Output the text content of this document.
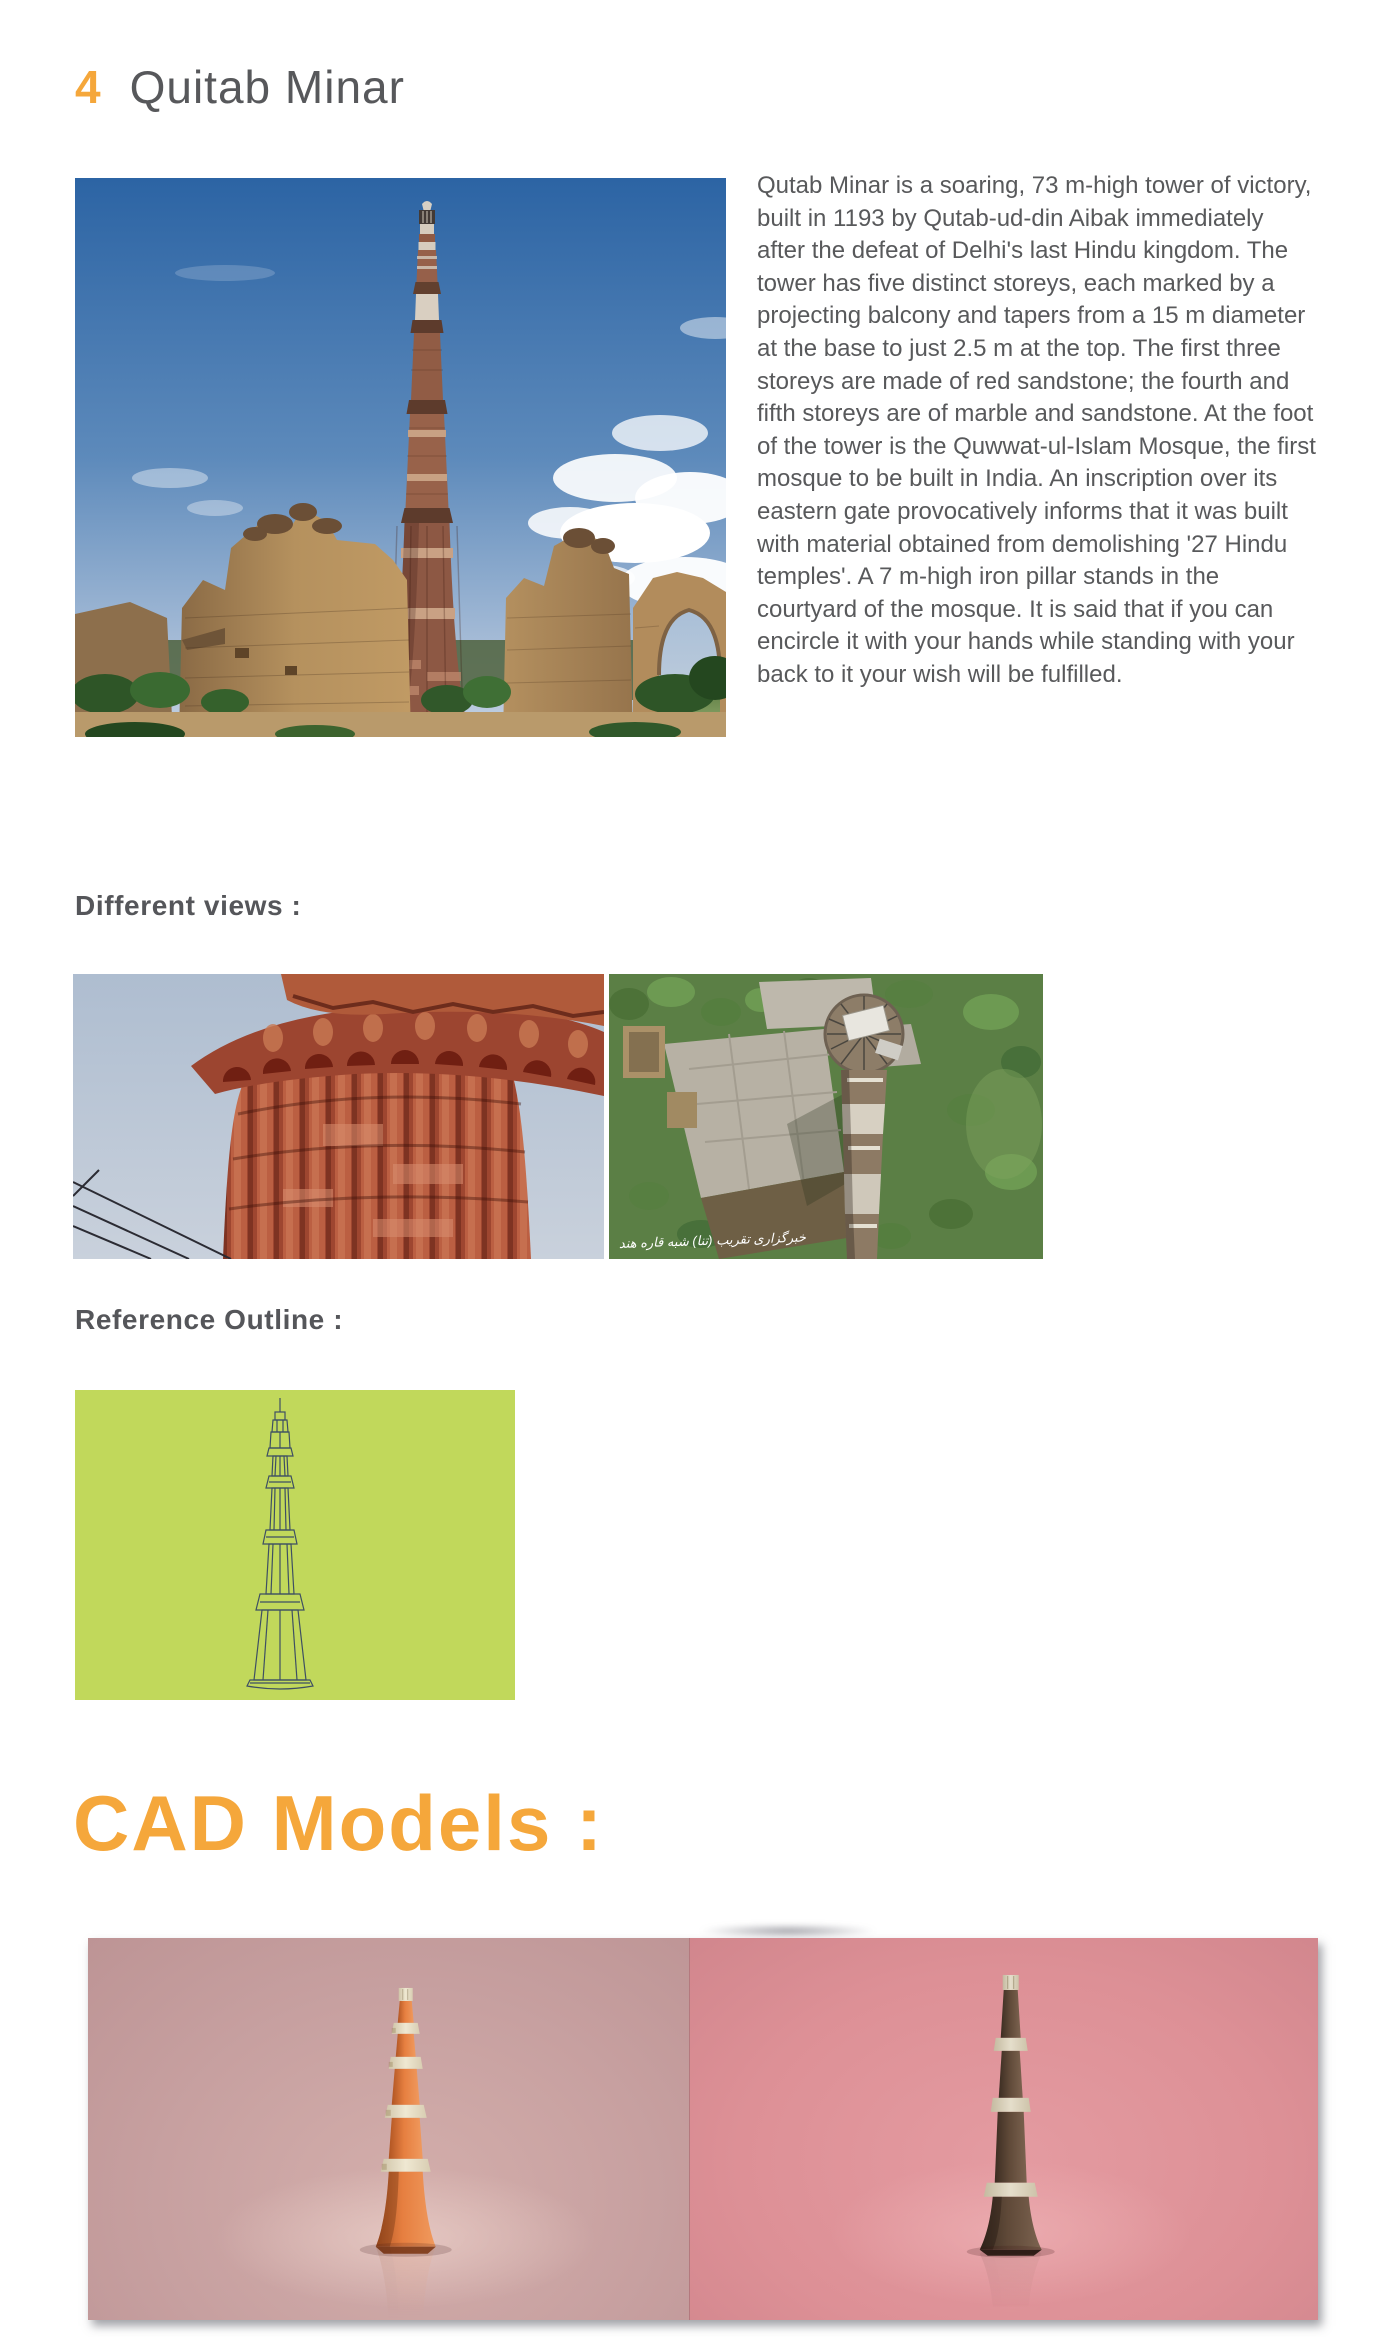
4 Quitab Minar

Qutab Minar is a soaring, 73 m-high tower of victory, built in 1193 by Qutab-ud-din Aibak immediately after the defeat of Delhi's last Hindu kingdom. The tower has five distinct storeys, each marked by a projecting balcony and tapers from a 15 m diameter at the base to just 2.5 m at the top. The first three storeys are made of red sandstone; the fourth and fifth storeys are of marble and sandstone. At the foot of the tower is the Quwwat-ul-Islam Mosque, the first mosque to be built in India. An inscription over its eastern gate provocatively informs that it was built with material obtained from demolishing '27 Hindu temples'. A 7 m-high iron pillar stands in the courtyard of the mosque. It is said that if you can encircle it with your hands while standing with your back to it your wish will be fulfilled.

Different views :
خبرگزاری تقریب (تنا) شبه قاره هند
Reference Outline :
CAD Models :
